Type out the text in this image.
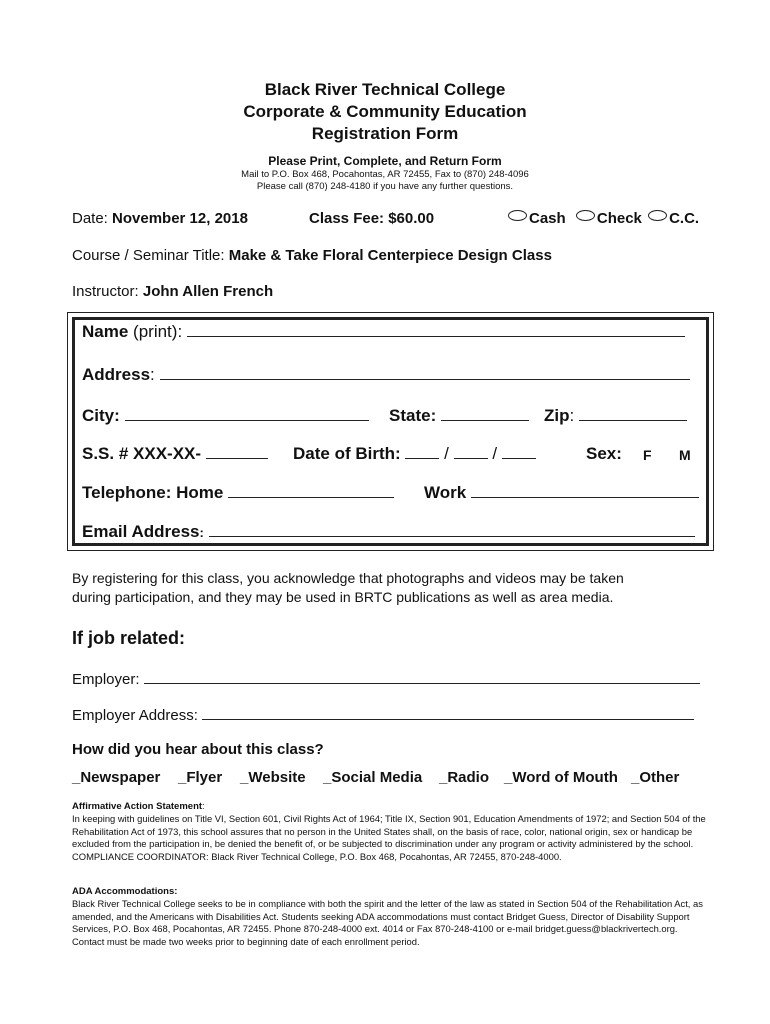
Black River Technical College
Corporate & Community Education
Registration Form
Please Print, Complete, and Return Form
Mail to P.O. Box 468, Pocahontas, AR 72455, Fax to (870) 248-4096
Please call (870) 248-4180 if you have any further questions.
Date: November 12, 2018	Class Fee: $60.00	Cash Check C.C.
Course / Seminar Title: Make & Take Floral Centerpiece Design Class
Instructor: John Allen French
Name (print):
Address:
City:	State:	Zip:
S.S. # XXX-XX-	Date of Birth:	/	/	Sex: F M
Telephone: Home	Work
Email Address:
By registering for this class, you acknowledge that photographs and videos may be taken
during participation, and they may be used in BRTC publications as well as area media.
If job related:
Employer:
Employer Address:
How did you hear about this class?
_Newspaper _Flyer _Website _Social Media _Radio _Word of Mouth _Other
Affirmative Action Statement:
In keeping with guidelines on Title VI, Section 601, Civil Rights Act of 1964; Title IX, Section 901, Education Amendments of 1972; and Section 504 of the Rehabilitation Act of 1973, this school assures that no person in the United States shall, on the basis of race, color, national origin, sex or handicap be excluded from the participation in, be denied the benefit of, or be subjected to discrimination under any program or activity administered by the school. COMPLIANCE COORDINATOR: Black River Technical College, P.O. Box 468, Pocahontas, AR 72455, 870-248-4000.
ADA Accommodations:
Black River Technical College seeks to be in compliance with both the spirit and the letter of the law as stated in Section 504 of the Rehabilitation Act, as amended, and the Americans with Disabilities Act. Students seeking ADA accommodations must contact Bridget Guess, Director of Disability Support Services, P.O. Box 468, Pocahontas, AR 72455. Phone 870-248-4000 ext. 4014 or Fax 870-248-4100 or e-mail bridget.guess@blackrivertech.org. Contact must be made two weeks prior to beginning date of each enrollment period.
